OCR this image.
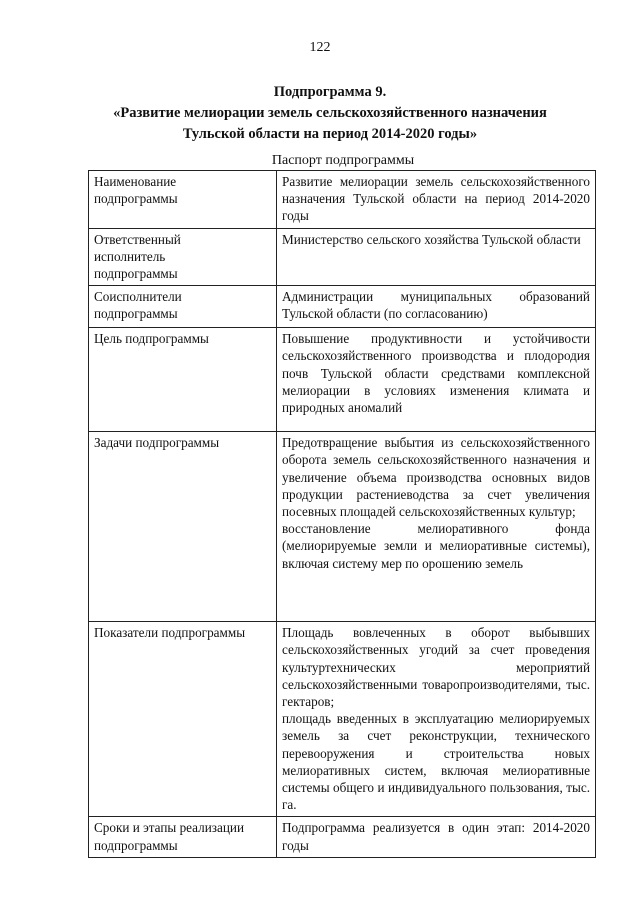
122
Подпрограмма 9.
«Развитие мелиорации земель сельскохозяйственного назначения
Тульской области на период 2014-2020 годы»
Паспорт подпрограммы
Наименование
подпрограммы	Развитие мелиорации земель сельскохозяйственного назначения Тульской области на период 2014-2020 годы

Ответственный
исполнитель
подпрограммы	Министерство сельского хозяйства Тульской области

Соисполнители
подпрограммы	Администрации муниципальных образований Тульской области (по согласованию)

Цель подпрограммы	Повышение продуктивности и устойчивости сельскохозяйственного производства и плодородия почв Тульской области средствами комплексной мелиорации в условиях изменения климата и природных аномалий

Задачи подпрограммы	Предотвращение выбытия из сельскохозяйственного оборота земель сельскохозяйственного назначения и увеличение объема производства основных видов продукции растениеводства за счет увеличения посевных площадей сельскохозяйственных культур;
восстановление мелиоративного фонда (мелиорируемые земли и мелиоративные системы), включая систему мер по орошению земель

Показатели подпрограммы	Площадь вовлеченных в оборот выбывших сельскохозяйственных угодий за счет проведения культуртехнических мероприятий сельскохозяйственными товаропроизводителями, тыс. гектаров;
площадь введенных в эксплуатацию мелиорируемых земель за счет реконструкции, технического перевооружения и строительства новых мелиоративных систем, включая мелиоративные системы общего и индивидуального пользования, тыс. га.

Сроки и этапы реализации
подпрограммы	Подпрограмма реализуется в один этап: 2014-2020 годы
